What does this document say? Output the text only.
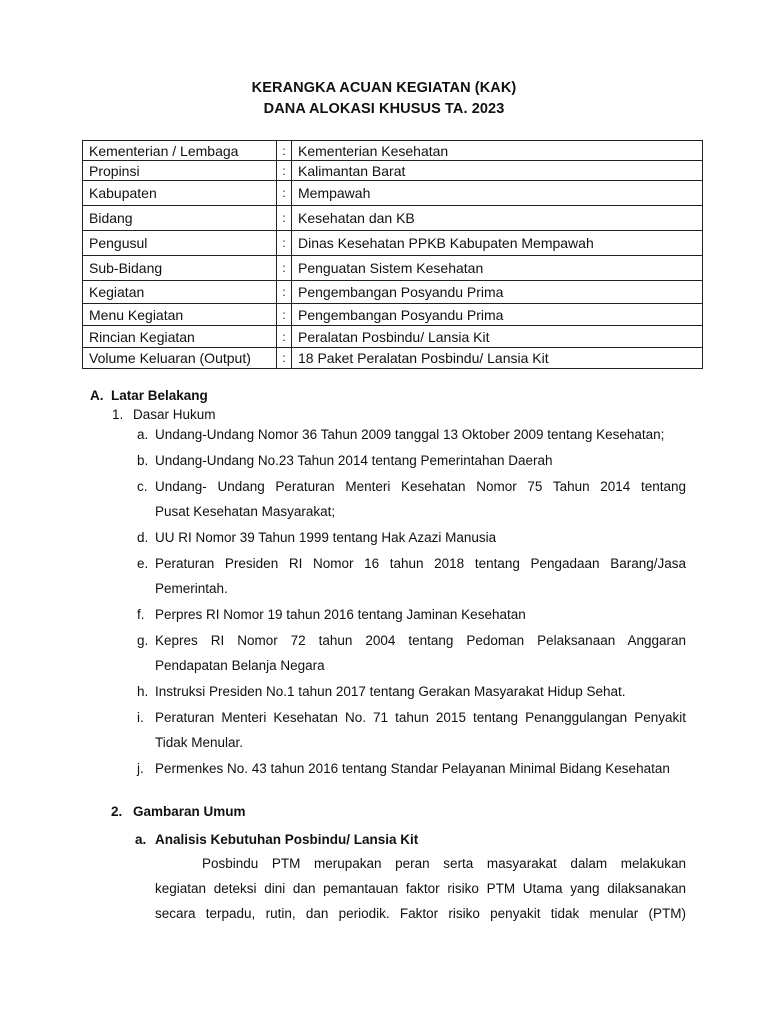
KERANGKA ACUAN KEGIATAN (KAK)
DANA ALOKASI KHUSUS TA. 2023
Kementerian / Lembaga	:	Kementerian Kesehatan
Propinsi	:	Kalimantan Barat
Kabupaten	:	Mempawah
Bidang	:	Kesehatan dan KB
Pengusul	:	Dinas Kesehatan PPKB Kabupaten Mempawah
Sub-Bidang	:	Penguatan Sistem Kesehatan
Kegiatan	:	Pengembangan Posyandu Prima
Menu Kegiatan	:	Pengembangan Posyandu Prima
Rincian Kegiatan	:	Peralatan Posbindu/ Lansia Kit
Volume Keluaran (Output)	:	18 Paket Peralatan Posbindu/ Lansia Kit
A. Latar Belakang
1. Dasar Hukum
a. Undang-Undang Nomor 36 Tahun 2009 tanggal 13 Oktober 2009 tentang Kesehatan;
b. Undang-Undang No.23 Tahun 2014 tentang Pemerintahan Daerah
c. Undang- Undang Peraturan Menteri Kesehatan Nomor 75 Tahun 2014 tentang
Pusat Kesehatan Masyarakat;
d. UU RI Nomor 39 Tahun 1999 tentang Hak Azazi Manusia
e. Peraturan Presiden RI Nomor 16 tahun 2018 tentang Pengadaan Barang/Jasa
Pemerintah.
f. Perpres RI Nomor 19 tahun 2016 tentang Jaminan Kesehatan
g. Kepres RI Nomor 72 tahun 2004 tentang Pedoman Pelaksanaan Anggaran
Pendapatan Belanja Negara
h. Instruksi Presiden No.1 tahun 2017 tentang Gerakan Masyarakat Hidup Sehat.
i. Peraturan Menteri Kesehatan No. 71 tahun 2015 tentang Penanggulangan Penyakit
Tidak Menular.
j. Permenkes No. 43 tahun 2016 tentang Standar Pelayanan Minimal Bidang Kesehatan
2. Gambaran Umum
a. Analisis Kebutuhan Posbindu/ Lansia Kit
Posbindu PTM merupakan peran serta masyarakat dalam melakukan
kegiatan deteksi dini dan pemantauan faktor risiko PTM Utama yang dilaksanakan
secara terpadu, rutin, dan periodik. Faktor risiko penyakit tidak menular (PTM)
